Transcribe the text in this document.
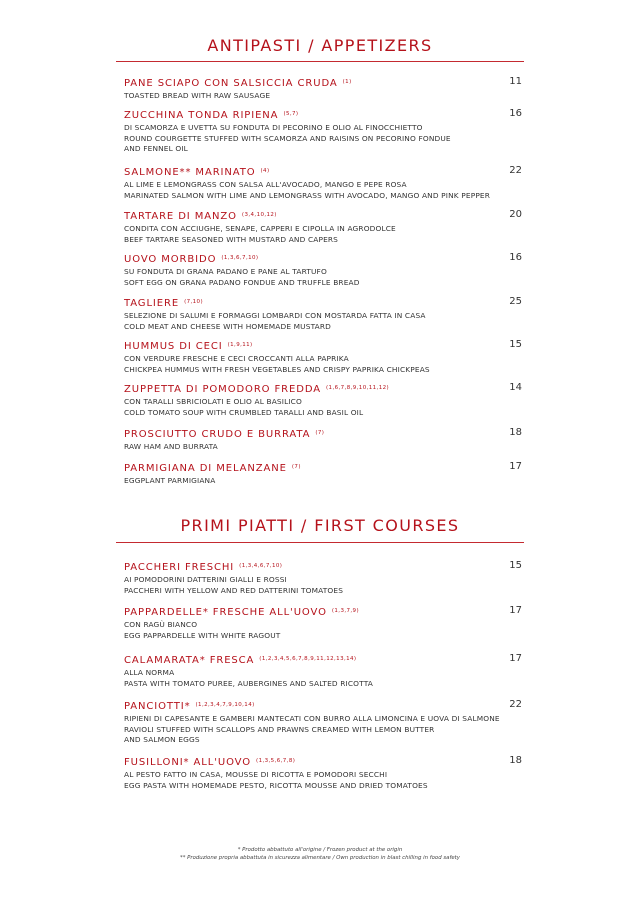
ANTIPASTI / APPETIZERS
PANE SCIAPO CON SALSICCIA CRUDA $^{(1)}$
TOASTED BREAD WITH RAW SAUSAGE
11
ZUCCHINA TONDA RIPIENA $^{(5,7)}$
DI SCAMORZA E UVETTA SU FONDUTA DI PECORINO E OLIO AL FINOCCHIETTO
ROUND COURGETTE STUFFED WITH SCAMORZA AND RAISINS ON PECORINO FONDUE
AND FENNEL OIL
16
SALMONE** MARINATO $^{(4)}$
AL LIME E LEMONGRASS CON SALSA ALL'AVOCADO, MANGO E PEPE ROSA
MARINATED SALMON WITH LIME AND LEMONGRASS WITH AVOCADO, MANGO AND PINK PEPPER
22
TARTARE DI MANZO $^{(3,4,10,12)}$
CONDITA CON ACCIUGHE, SENAPE, CAPPERI E CIPOLLA IN AGRODOLCE
BEEF TARTARE SEASONED WITH MUSTARD AND CAPERS
20
UOVO MORBIDO $^{(1,3,6,7,10)}$
SU FONDUTA DI GRANA PADANO E PANE AL TARTUFO
SOFT EGG ON GRANA PADANO FONDUE AND TRUFFLE BREAD
16
TAGLIERE $^{(7,10)}$
SELEZIONE DI SALUMI E FORMAGGI LOMBARDI CON MOSTARDA FATTA IN CASA
COLD MEAT AND CHEESE WITH HOMEMADE MUSTARD
25
HUMMUS DI CECI $^{(1,9,11)}$
CON VERDURE FRESCHE E CECI CROCCANTI ALLA PAPRIKA
CHICKPEA HUMMUS WITH FRESH VEGETABLES AND CRISPY PAPRIKA CHICKPEAS
15
ZUPPETTA DI POMODORO FREDDA $^{(1,6,7,8,9,10,11,12)}$
CON TARALLI SBRICIOLATI E OLIO AL BASILICO
COLD TOMATO SOUP WITH CRUMBLED TARALLI AND BASIL OIL
14
PROSCIUTTO CRUDO E BURRATA $^{(7)}$
RAW HAM AND BURRATA
18
PARMIGIANA DI MELANZANE $^{(7)}$
EGGPLANT PARMIGIANA
17
PRIMI PIATTI / FIRST COURSES
PACCHERI FRESCHI $^{(1,3,4,6,7,10)}$
AI POMODORINI DATTERINI GIALLI E ROSSI
PACCHERI WITH YELLOW AND RED DATTERINI TOMATOES
15
PAPPARDELLE* FRESCHE ALL'UOVO $^{(1,3,7,9)}$
CON RAGÙ BIANCO
EGG PAPPARDELLE WITH WHITE RAGOUT
17
CALAMARATA* FRESCA $^{(1,2,3,4,5,6,7,8,9,11,12,13,14)}$
ALLA NORMA
PASTA WITH TOMATO PUREE, AUBERGINES AND SALTED RICOTTA
17
PANCIOTTI* $^{(1,2,3,4,7,9,10,14)}$
RIPIENI DI CAPESANTE E GAMBERI MANTECATI CON BURRO ALLA LIMONCINA E UOVA DI SALMONE
RAVIOLI STUFFED WITH SCALLOPS AND PRAWNS CREAMED WITH LEMON BUTTER
AND SALMON EGGS
22
FUSILLONI* ALL'UOVO $^{(1,3,5,6,7,8)}$
AL PESTO FATTO IN CASA, MOUSSE DI RICOTTA E POMODORI SECCHI
EGG PASTA WITH HOMEMADE PESTO, RICOTTA MOUSSE AND DRIED TOMATOES
18
* Prodotto abbattuto all'origine / Frozen product at the origin
** Produzione propria abbattuta in sicurezza alimentare / Own production in blast chilling in food safety
